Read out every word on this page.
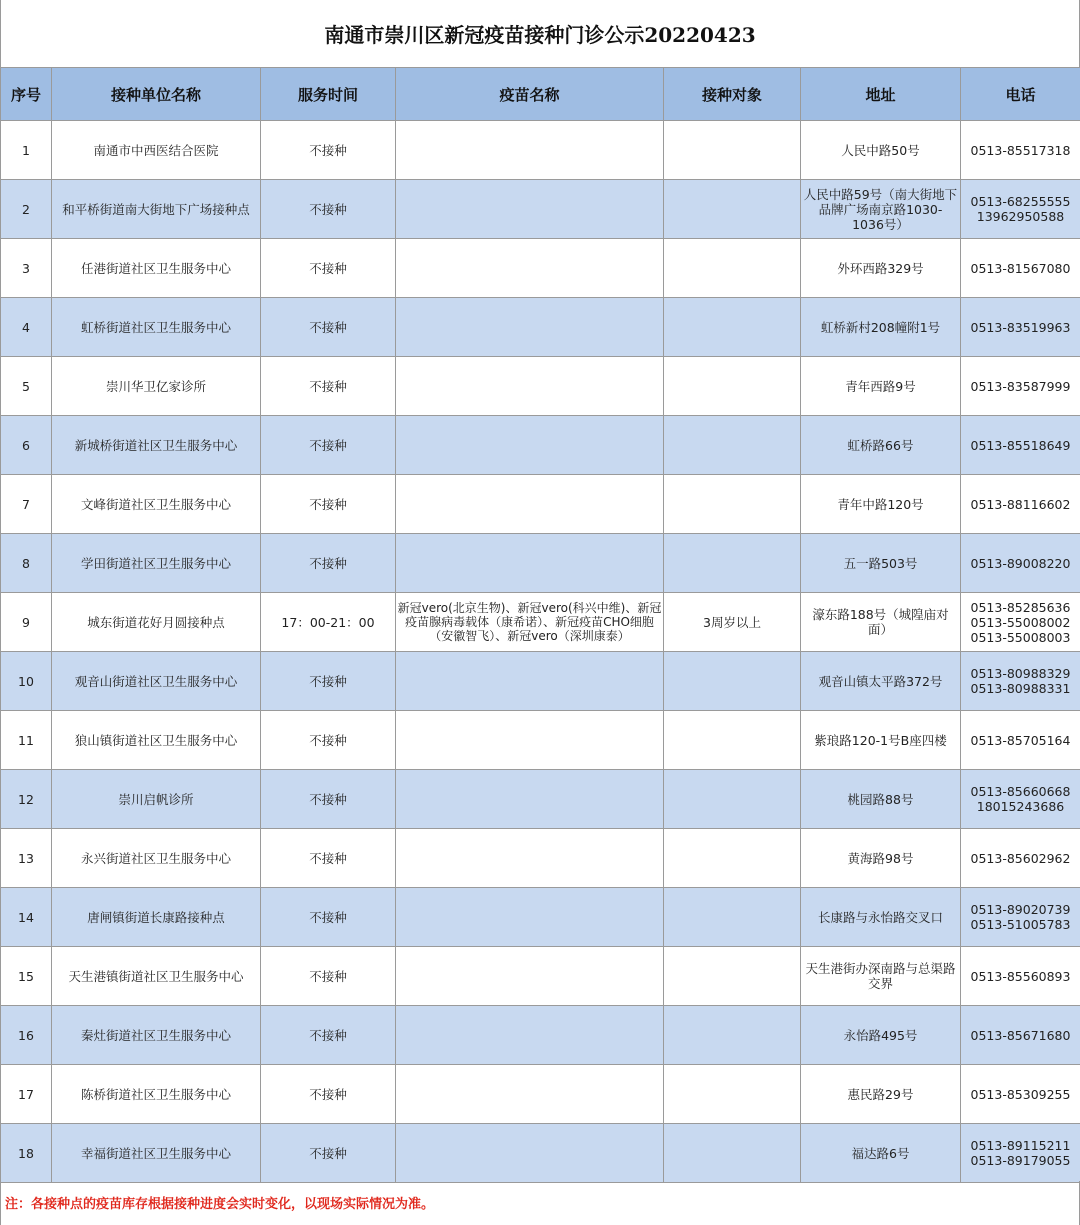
南通市崇川区新冠疫苗接种门诊公示20220423
序号	接种单位名称	服务时间	疫苗名称	接种对象	地址	电话
1	南通市中西医结合医院	不接种			人民中路50号	0513-85517318
2	和平桥街道南大街地下广场接种点	不接种			人民中路59号（南大街地下品牌广场南京路1030-1036号）	0513-68255555
13962950588
3	任港街道社区卫生服务中心	不接种			外环西路329号	0513-81567080
4	虹桥街道社区卫生服务中心	不接种			虹桥新村208幢附1号	0513-83519963
5	崇川华卫亿家诊所	不接种			青年西路9号	0513-83587999
6	新城桥街道社区卫生服务中心	不接种			虹桥路66号	0513-85518649
7	文峰街道社区卫生服务中心	不接种			青年中路120号	0513-88116602
8	学田街道社区卫生服务中心	不接种			五一路503号	0513-89008220
9	城东街道花好月圆接种点	17：00-21：00	新冠vero(北京生物)、新冠vero(科兴中维)、新冠疫苗腺病毒载体（康希诺）、新冠疫苗CHO细胞（安徽智飞）、新冠vero（深圳康泰）	3周岁以上	濠东路188号（城隍庙对面）	0513-85285636
0513-55008002
0513-55008003
10	观音山街道社区卫生服务中心	不接种			观音山镇太平路372号	0513-80988329
0513-80988331
11	狼山镇街道社区卫生服务中心	不接种			紫琅路120-1号B座四楼	0513-85705164
12	崇川启帆诊所	不接种			桃园路88号	0513-85660668
18015243686
13	永兴街道社区卫生服务中心	不接种			黄海路98号	0513-85602962
14	唐闸镇街道长康路接种点	不接种			长康路与永怡路交叉口	0513-89020739
0513-51005783
15	天生港镇街道社区卫生服务中心	不接种			天生港街办深南路与总渠路交界	0513-85560893
16	秦灶街道社区卫生服务中心	不接种			永怡路495号	0513-85671680
17	陈桥街道社区卫生服务中心	不接种			惠民路29号	0513-85309255
18	幸福街道社区卫生服务中心	不接种			福达路6号	0513-89115211
0513-89179055
注：各接种点的疫苗库存根据接种进度会实时变化，以现场实际情况为准。
